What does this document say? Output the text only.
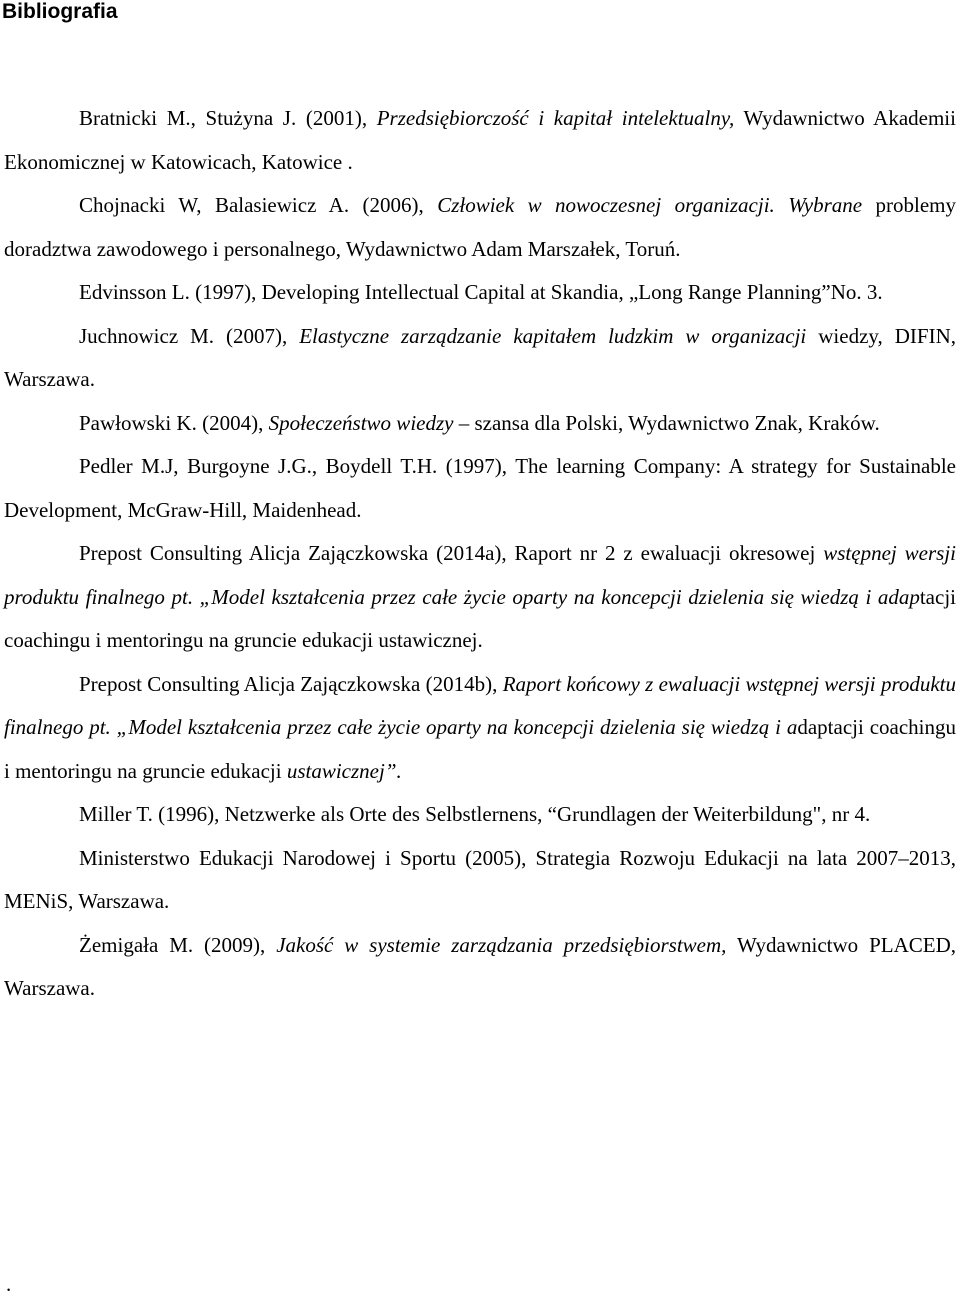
Bibliografia

Bratnicki M., Stużyna J. (2001), Przedsiębiorczość i kapitał intelektualny, Wydawnictwo Akademii Ekonomicznej w Katowicach, Katowice .

Chojnacki W, Balasiewicz A. (2006), Człowiek w nowoczesnej organizacji. Wybrane problemy doradztwa zawodowego i personalnego, Wydawnictwo Adam Marszałek, Toruń.

Edvinsson L. (1997), Developing Intellectual Capital at Skandia, „Long Range Planning”No. 3.

Juchnowicz M. (2007), Elastyczne zarządzanie kapitałem ludzkim w organizacji wiedzy, DIFIN, Warszawa.

Pawłowski K. (2004), Społeczeństwo wiedzy – szansa dla Polski, Wydawnictwo Znak, Kraków.

Pedler M.J, Burgoyne J.G., Boydell T.H. (1997), The learning Company: A strategy for Sustainable Development, McGraw-Hill, Maidenhead.

Prepost Consulting Alicja Zajączkowska (2014a), Raport nr 2 z ewaluacji okresowej wstępnej wersji produktu finalnego pt. „Model kształcenia przez całe życie oparty na koncepcji dzielenia się wiedzą i adaptacji coachingu i mentoringu na gruncie edukacji ustawicznej.

Prepost Consulting Alicja Zajączkowska (2014b), Raport końcowy z ewaluacji wstępnej wersji produktu finalnego pt. „Model kształcenia przez całe życie oparty na koncepcji dzielenia się wiedzą i adaptacji coachingu i mentoringu na gruncie edukacji ustawicznej”.

Miller T. (1996), Netzwerke als Orte des Selbstlernens, “Grundlagen der Weiterbildung", nr 4.

Ministerstwo Edukacji Narodowej i Sportu (2005), Strategia Rozwoju Edukacji na lata 2007–2013, MENiS, Warszawa.

Żemigała M. (2009), Jakość w systemie zarządzania przedsiębiorstwem, Wydawnictwo PLACED, Warszawa.

.
